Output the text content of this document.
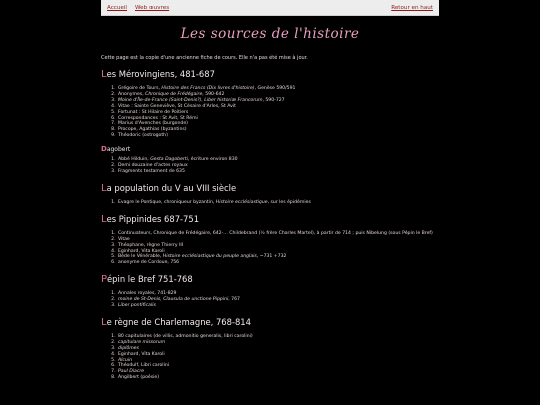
Accueil Web ɶuvres	Retour en haut
Les sources de l'histoire

Cette page est la copie d'une ancienne fiche de cours. Elle n'a pas été mise à jour.

Les Mérovingiens, 481-687
1. Grégoire de Tours, Histoire des Francs (Dix livres d'histoire), Genèse 590/591
2. Anonymes, Chronique de Frédégaire, 590-642
3. Moine d'Île-de-France (Saint-Denis?), Liber historiæ Francorum, 590-727
4. Vitae : Sainte Geneviève, St Césaire d'Arles, St Avit
5. Fortunat : St Hilaire de Poitiers
6. Correspondances : St Avit, St Rémi
7. Marius d'Avenches (burgonde)
8. Procope, Agathias (byzantins)
9. Théodoric (ostrogoth)
Dagobert
1. Abbé Hilduin, Gesta Dagoberti, écriture environ 830
2. Demi douzaine d'actes royaux
3. Fragments testament de 635
La population du V au VIII siècle
1. Evagre le Pontique, chroniqueur byzantin, Histoire ecclésiastique, sur les épidémies
Les Pippinides 687-751
1. Continuateurs, Chronique de Frédégaire, 642-… Childebrand (½ frère Charles Martel), à partir de 714 ; puis Nibelung (sous Pépin le Bref)
2. Vitae
3. Théophane, règne Thierry III
4. Eginhard, Vita Karoli
5. Bède le Vénérable, Histoire ecclésiastique du peuple anglais, ~731 +732
6. anonyme de Cordoue, 756
Pépin le Bref 751-768
1. Annales royales, 741-829
2. moine de St-Denis, Clausula de unctione Pippini, 767
3. Liber pontificalis
Le règne de Charlemagne, 768-814
1. 80 capitulaires (de villis, admonitio generalis, libri carolini)
2. capitulare missorum
3. diplômes
4. Eginhard, Vita Karoli
5. Alcuin
6. Théodulf, Libri carolini
7. Paul Diacre
8. Angilbert (poésie)
